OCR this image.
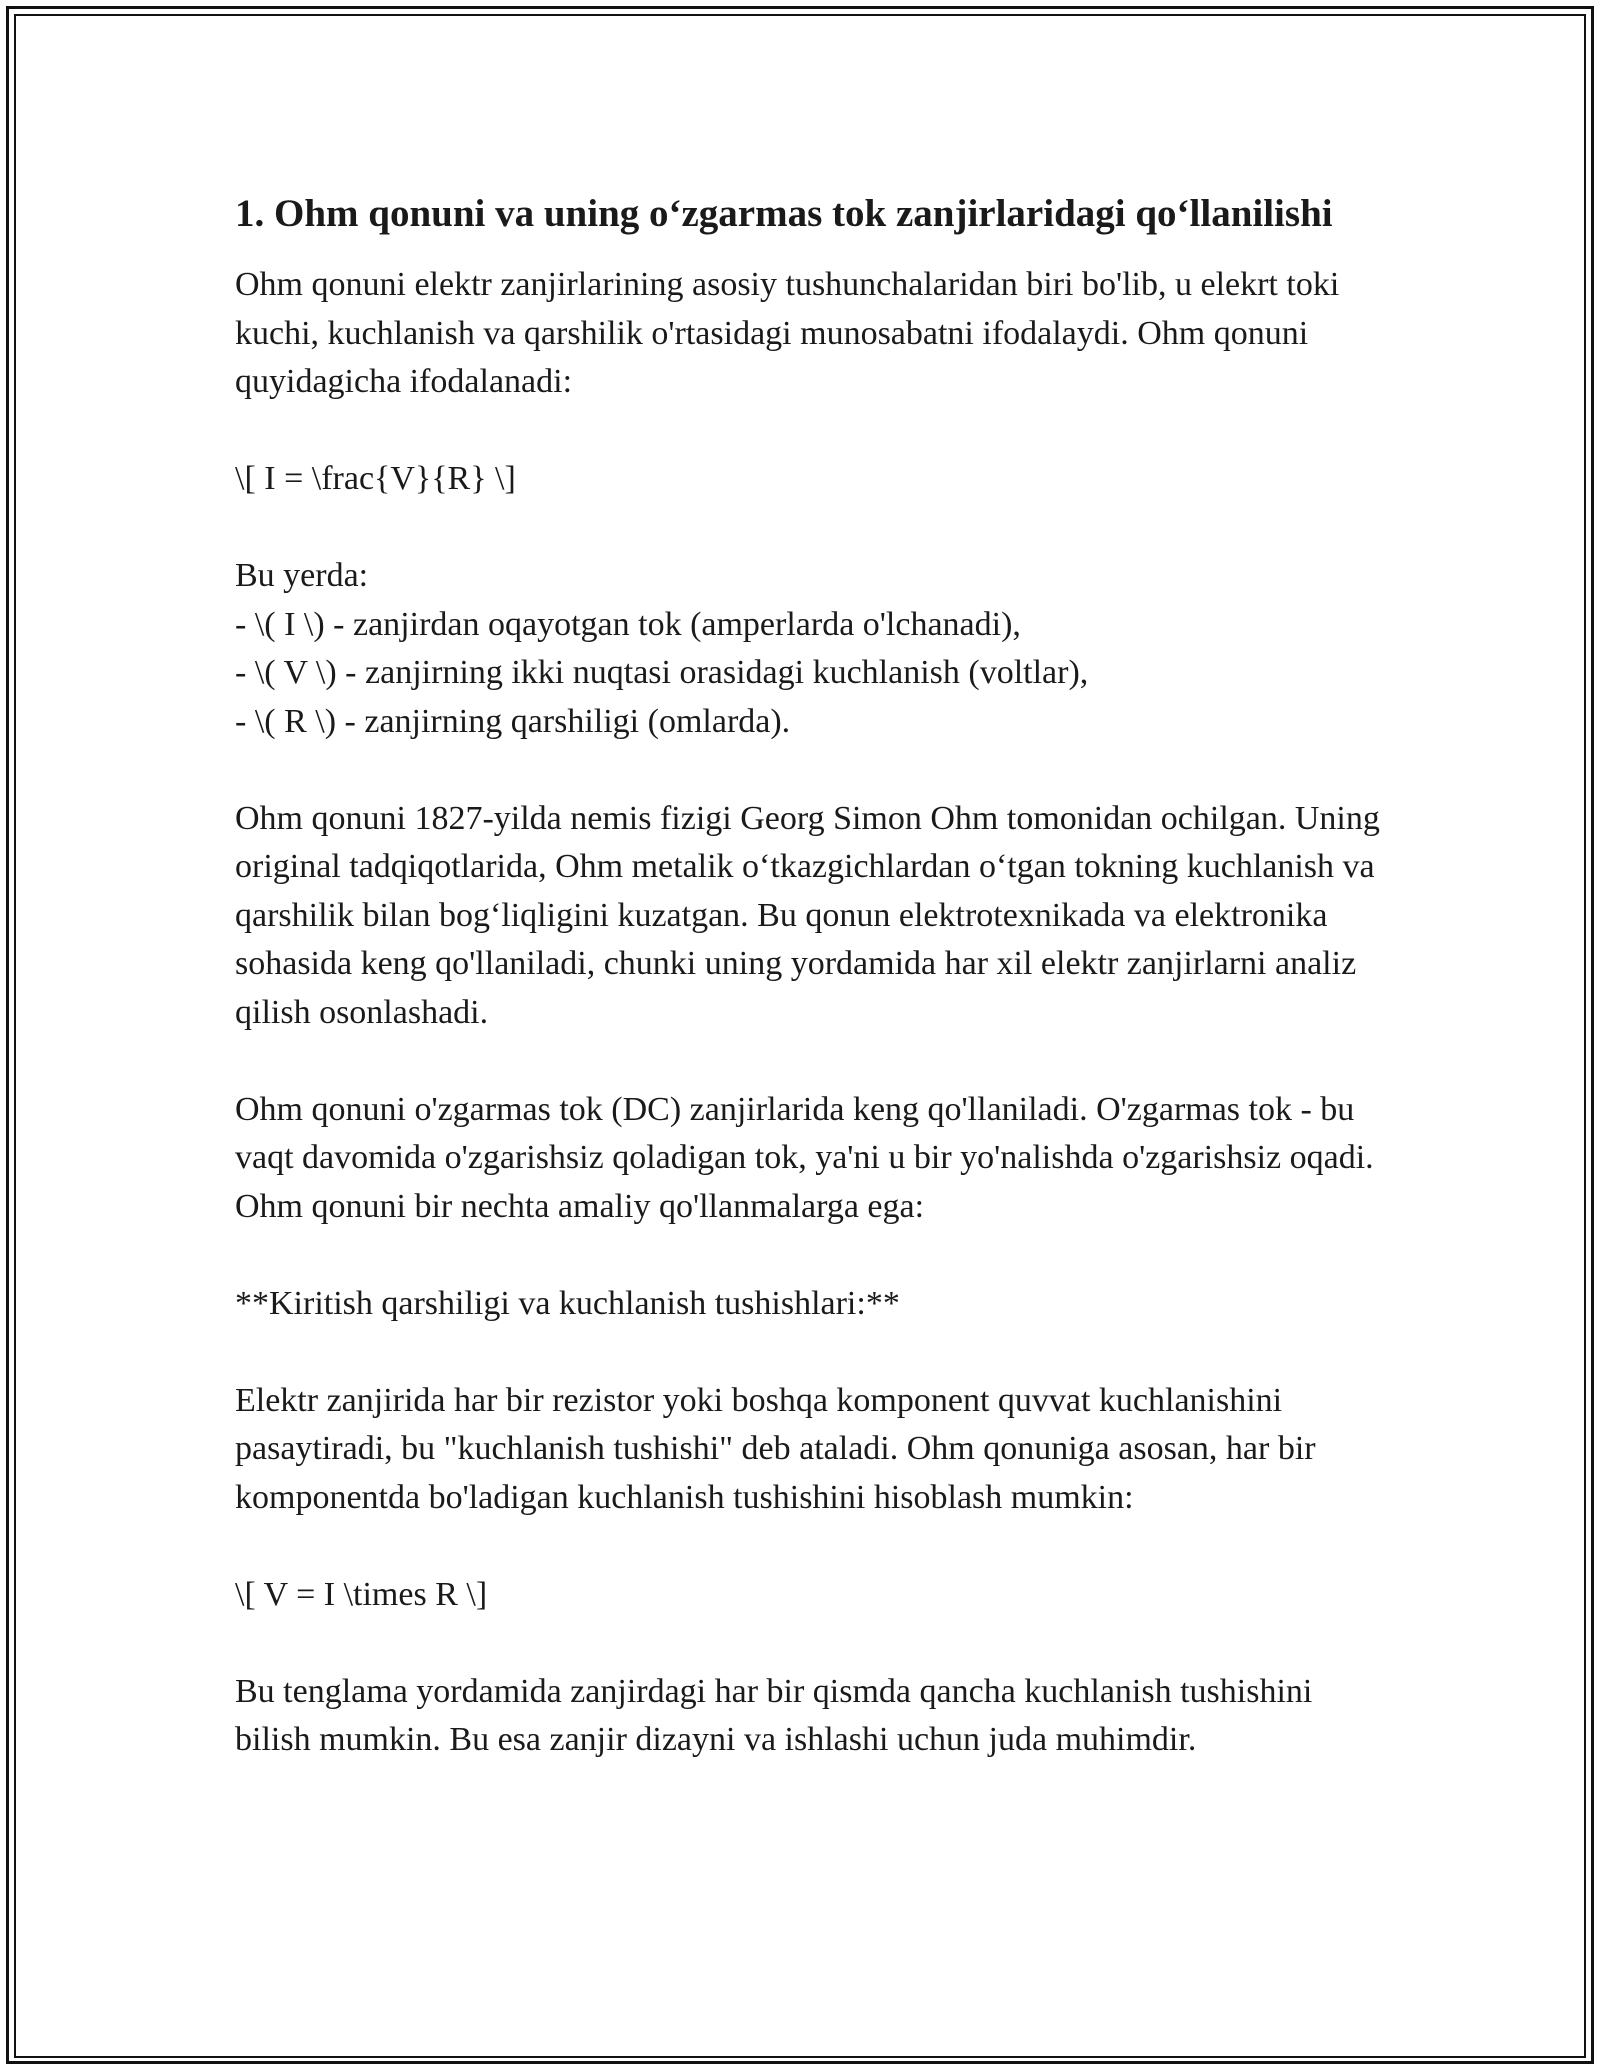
1. Ohm qonuni va uning o‘zgarmas tok zanjirlaridagi qo‘llanilishi

Ohm qonuni elektr zanjirlarining asosiy tushunchalaridan biri bo'lib, u elekrt toki kuchi, kuchlanish va qarshilik o'rtasidagi munosabatni ifodalaydi. Ohm qonuni quyidagicha ifodalanadi:

\[ I = \frac{V}{R} \]

Bu yerda:
- \( I \) - zanjirdan oqayotgan tok (amperlarda o'lchanadi),
- \( V \) - zanjirning ikki nuqtasi orasidagi kuchlanish (voltlar),
- \( R \) - zanjirning qarshiligi (omlarda).

Ohm qonuni 1827-yilda nemis fizigi Georg Simon Ohm tomonidan ochilgan. Uning original tadqiqotlarida, Ohm metalik o‘tkazgichlardan o‘tgan tokning kuchlanish va qarshilik bilan bog‘liqligini kuzatgan. Bu qonun elektrotexnikada va elektronika sohasida keng qo'llaniladi, chunki uning yordamida har xil elektr zanjirlarni analiz qilish osonlashadi.

Ohm qonuni o'zgarmas tok (DC) zanjirlarida keng qo'llaniladi. O'zgarmas tok - bu vaqt davomida o'zgarishsiz qoladigan tok, ya'ni u bir yo'nalishda o'zgarishsiz oqadi. Ohm qonuni bir nechta amaliy qo'llanmalarga ega:

**Kiritish qarshiligi va kuchlanish tushishlari:**

Elektr zanjirida har bir rezistor yoki boshqa komponent quvvat kuchlanishini pasaytiradi, bu "kuchlanish tushishi" deb ataladi. Ohm qonuniga asosan, har bir komponentda bo'ladigan kuchlanish tushishini hisoblash mumkin:

\[ V = I \times R \]

Bu tenglama yordamida zanjirdagi har bir qismda qancha kuchlanish tushishini bilish mumkin. Bu esa zanjir dizayni va ishlashi uchun juda muhimdir.
